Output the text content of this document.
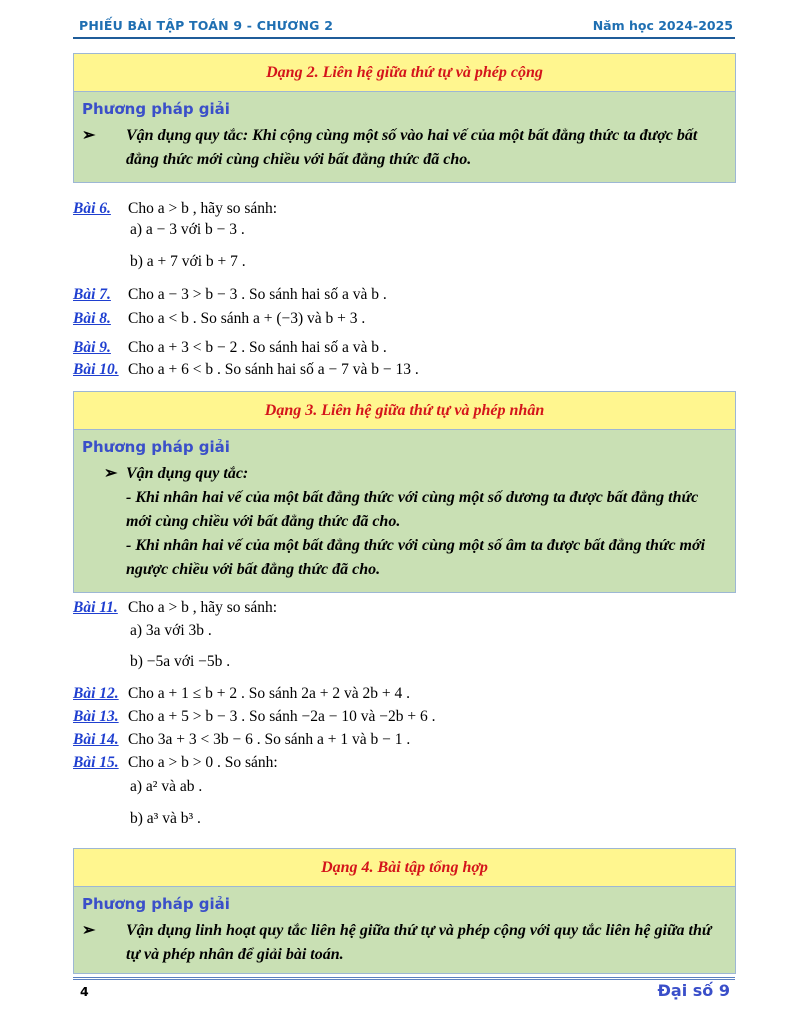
PHIẾU BÀI TẬP TOÁN 9 - CHƯƠNG 2	Năm học 2024-2025
Dạng 2. Liên hệ giữa thứ tự và phép cộng
Phương pháp giải
➢ Vận dụng quy tắc: Khi cộng cùng một số vào hai vế của một bất đẳng thức ta được bất đẳng thức mới cùng chiều với bất đẳng thức đã cho.
Bài 6. Cho a > b , hãy so sánh:
a) a − 3 với b − 3 .
b) a + 7 với b + 7 .
Bài 7. Cho a − 3 > b − 3 . So sánh hai số a và b .
Bài 8. Cho a < b . So sánh a + (−3) và b + 3 .
Bài 9. Cho a + 3 < b − 2 . So sánh hai số a và b .
Bài 10. Cho a + 6 < b . So sánh hai số a − 7 và b − 13 .
Dạng 3. Liên hệ giữa thứ tự và phép nhân
Phương pháp giải
➢ Vận dụng quy tắc:
- Khi nhân hai vế của một bất đẳng thức với cùng một số dương ta được bất đẳng thức mới cùng chiều với bất đẳng thức đã cho.
- Khi nhân hai vế của một bất đẳng thức với cùng một số âm ta được bất đẳng thức mới ngược chiều với bất đẳng thức đã cho.
Bài 11. Cho a > b , hãy so sánh:
a) 3a với 3b .
b) −5a với −5b .
Bài 12. Cho a + 1 ≤ b + 2 . So sánh 2a + 2 và 2b + 4 .
Bài 13. Cho a + 5 > b − 3 . So sánh −2a − 10 và −2b + 6 .
Bài 14. Cho 3a + 3 < 3b − 6 . So sánh a + 1 và b − 1 .
Bài 15. Cho a > b > 0 . So sánh:
a) a² và ab .
b) a³ và b³ .
Dạng 4. Bài tập tổng hợp
Phương pháp giải
➢ Vận dụng linh hoạt quy tắc liên hệ giữa thứ tự và phép cộng với quy tắc liên hệ giữa thứ tự và phép nhân để giải bài toán.
4	Đại số 9
